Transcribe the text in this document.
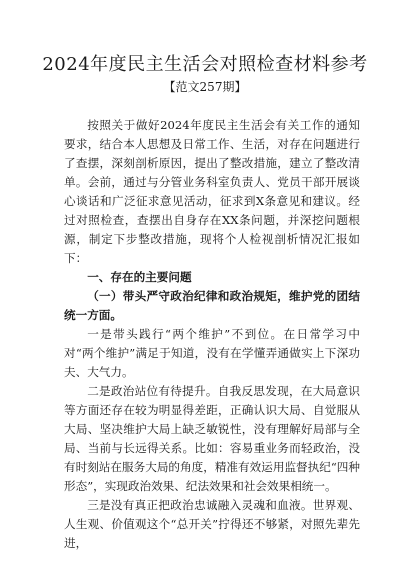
2024年度民主生活会对照检查材料参考

【范文257期】

按照关于做好2024年度民主生活会有关工作的通知要求，结合本人思想及日常工作、生活，对存在问题进行了查摆，深刻剖析原因，提出了整改措施，建立了整改清单。会前，通过与分管业务科室负责人、党员干部开展谈心谈话和广泛征求意见活动，征求到X条意见和建议。经过对照检查，查摆出自身存在XX条问题，并深挖问题根源，制定下步整改措施，现将个人检视剖析情况汇报如下：

一、存在的主要问题

（一）带头严守政治纪律和政治规矩，维护党的团结统一方面。

一是带头践行“两个维护”不到位。在日常学习中对“两个维护”满足于知道，没有在学懂弄通做实上下深功夫、大气力。

二是政治站位有待提升。自我反思发现，在大局意识等方面还存在较为明显得差距，正确认识大局、自觉服从大局、坚决维护大局上缺乏敏锐性，没有理解好局部与全局、当前与长远得关系。比如：容易重业务而轻政治，没有时刻站在服务大局的角度，精准有效运用监督执纪“四种形态”，实现政治效果、纪法效果和社会效果相统一。

三是没有真正把政治忠诚融入灵魂和血液。世界观、人生观、价值观这个“总开关”拧得还不够紧，对照先辈先进，
